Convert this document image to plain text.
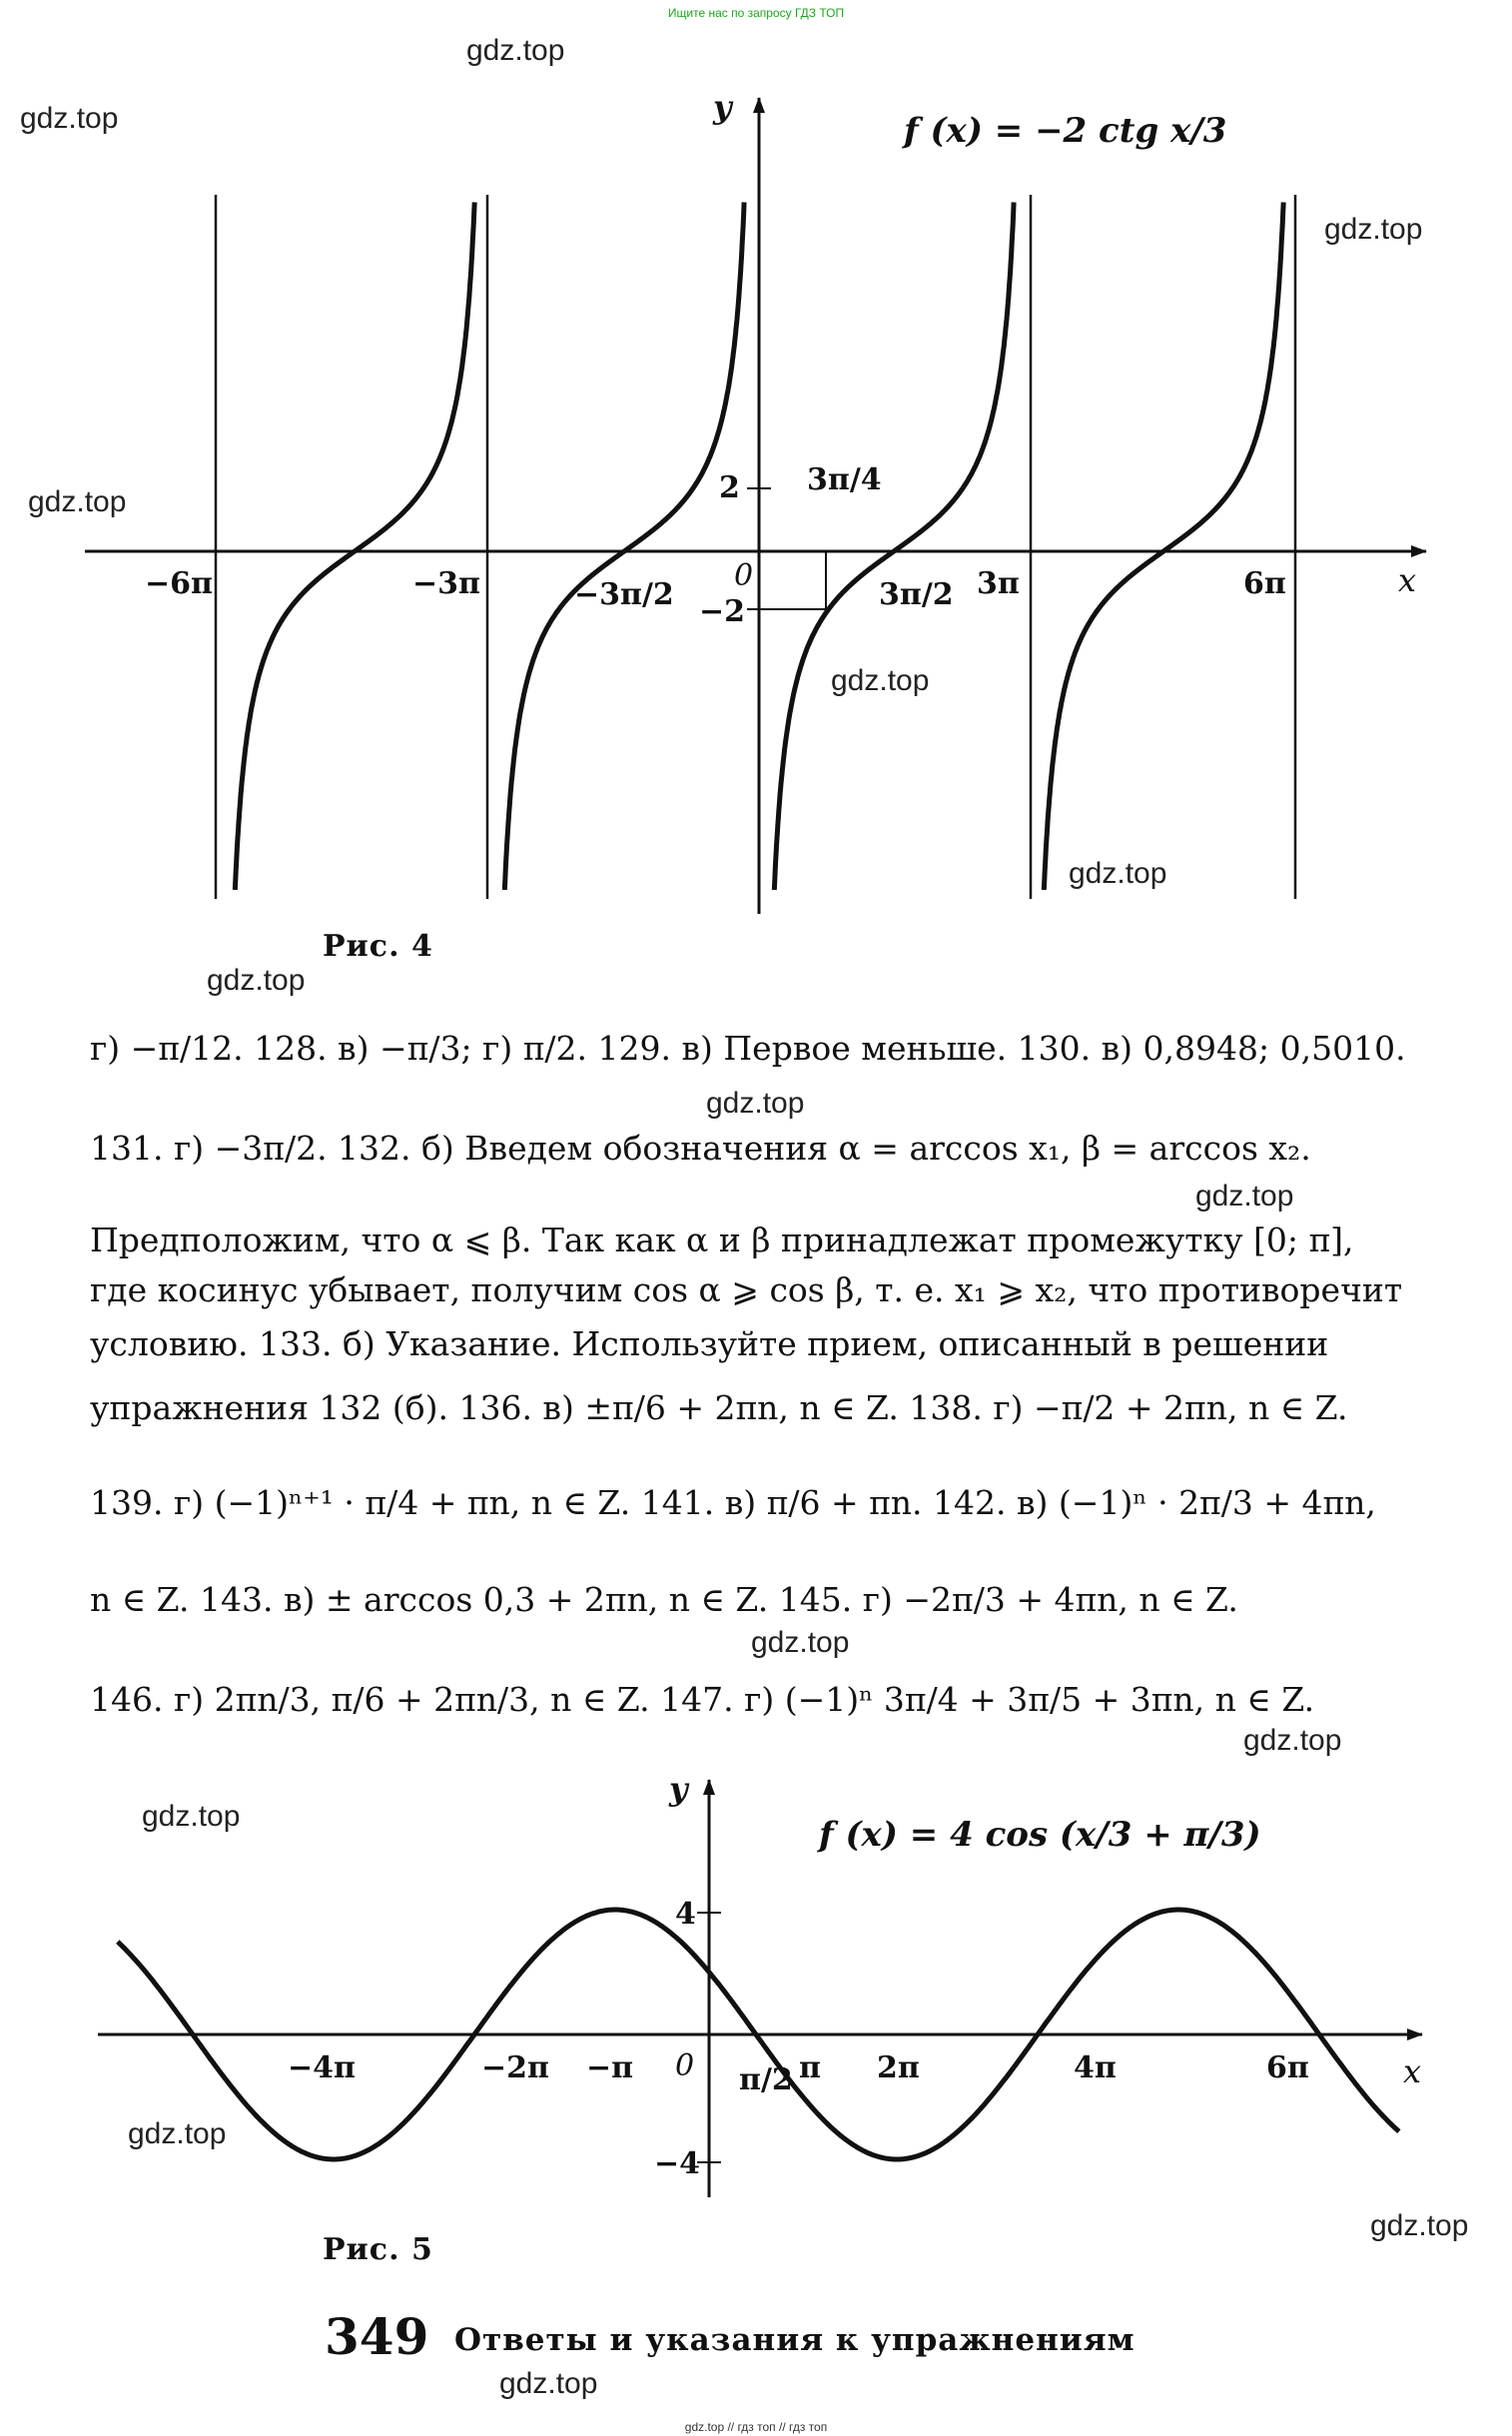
Ищите нас по запросу ГДЗ ТОП
gdz.top
gdz.top
gdz.top
gdz.top
gdz.top
gdz.top
gdz.top
gdz.top
gdz.top
gdz.top
gdz.top
gdz.top
gdz.top
gdz.top
gdz.top
y
x
0
2
−2
−6π	−3π	−3π/2	3π/2 3π	6π
3π/4
f (x) = −2 ctg x/3
Рис. 4
г) −π/12. 128. в) −π/3; г) π/2. 129. в) Первое меньше. 130. в) 0,8948; 0,5010.
131. г) −3π/2. 132. б) Введем обозначения α = arccos x₁, β = arccos x₂.
Предположим, что α ⩽ β. Так как α и β принадлежат промежутку [0; π],
где косинус убывает, получим cos α ⩾ cos β, т. е. x₁ ⩾ x₂, что противоречит
условию. 133. б) Указание. Используйте прием, описанный в решении
упражнения 132 (б). 136. в) ±π/6 + 2πn, n ∈ Z. 138. г) −π/2 + 2πn, n ∈ Z.
139. г) (−1)ⁿ⁺¹ · π/4 + πn, n ∈ Z. 141. в) π/6 + πn. 142. в) (−1)ⁿ · 2π/3 + 4πn,
n ∈ Z. 143. в) ± arccos 0,3 + 2πn, n ∈ Z. 145. г) −2π/3 + 4πn, n ∈ Z.
146. г) 2πn/3, π/6 + 2πn/3, n ∈ Z. 147. г) (−1)ⁿ 3π/4 + 3π/5 + 3πn, n ∈ Z.
y
x
0
4
−4
−4π	−2π −π	π/2 π 2π	4π	6π
f (x) = 4 cos (x/3 + π/3)
Рис. 5
349 Ответы и указания к упражнениям
gdz.top // гдз топ // гдз топ
